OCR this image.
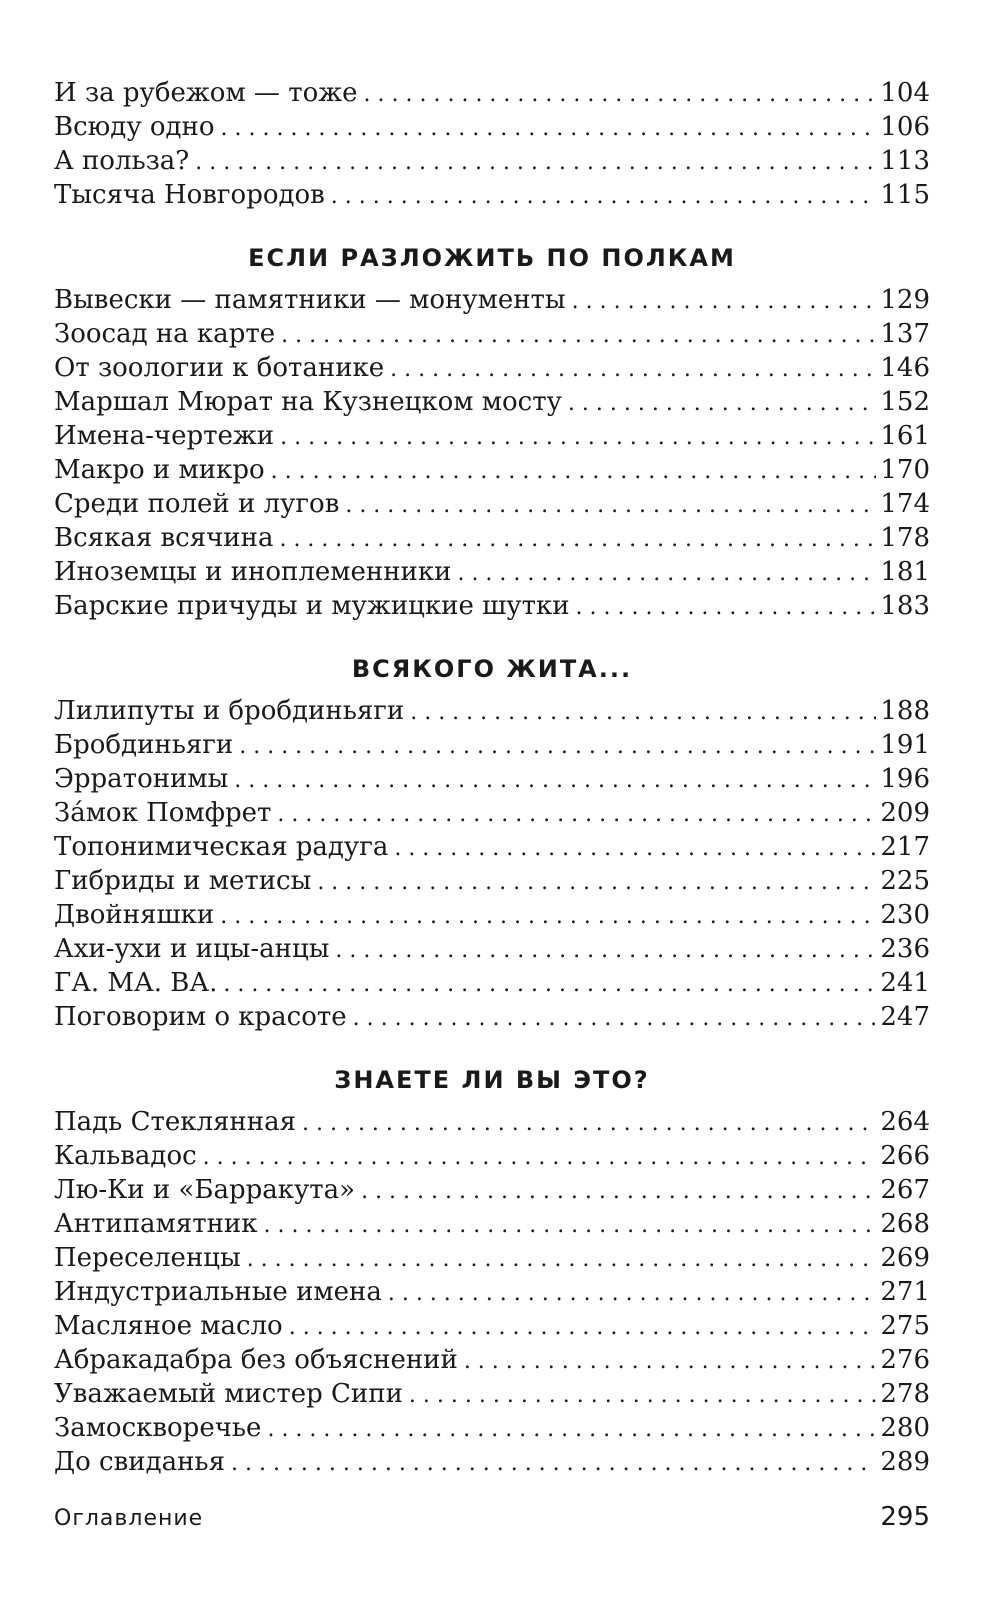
И за рубежом — тоже . . .	104
Всюду одно . . .	106
А польза? . . .	113
Тысяча Новгородов . . .	115
ЕСЛИ РАЗЛОЖИТЬ ПО ПОЛКАМ
Вывески — памятники — монументы . . .	129
Зоосад на карте . . .	137
От зоологии к ботанике . . .	146
Маршал Мюрат на Кузнецком мосту . . .	152
Имена-чертежи . . .	161
Макро и микро . . .	170
Среди полей и лугов . . .	174
Всякая всячина . . .	178
Иноземцы и иноплеменники . . .	181
Барские причуды и мужицкие шутки . . .	183
ВСЯКОГО ЖИТА...
Лилипуты и бробдиньяги . . .	188
Бробдиньяги . . .	191
Эрратонимы . . .	196
За́мок Помфрет . . .	209
Топонимическая радуга . . .	217
Гибриды и метисы . . .	225
Двойняшки . . .	230
Ахи-ухи и ицы-анцы . . .	236
ГА. МА. ВА. . . .	241
Поговорим о красоте . . .	247
ЗНАЕТЕ ЛИ ВЫ ЭТО?
Падь Стеклянная . . .	264
Кальвадос . . .	266
Лю-Ки и «Барракута» . . .	267
Антипамятник . . .	268
Переселенцы . . .	269
Индустриальные имена . . .	271
Масляное масло . . .	275
Абракадабра без объяснений . . .	276
Уважаемый мистер Сипи . . .	278
Замоскворечье . . .	280
До свиданья . . .	289
Оглавление	295
